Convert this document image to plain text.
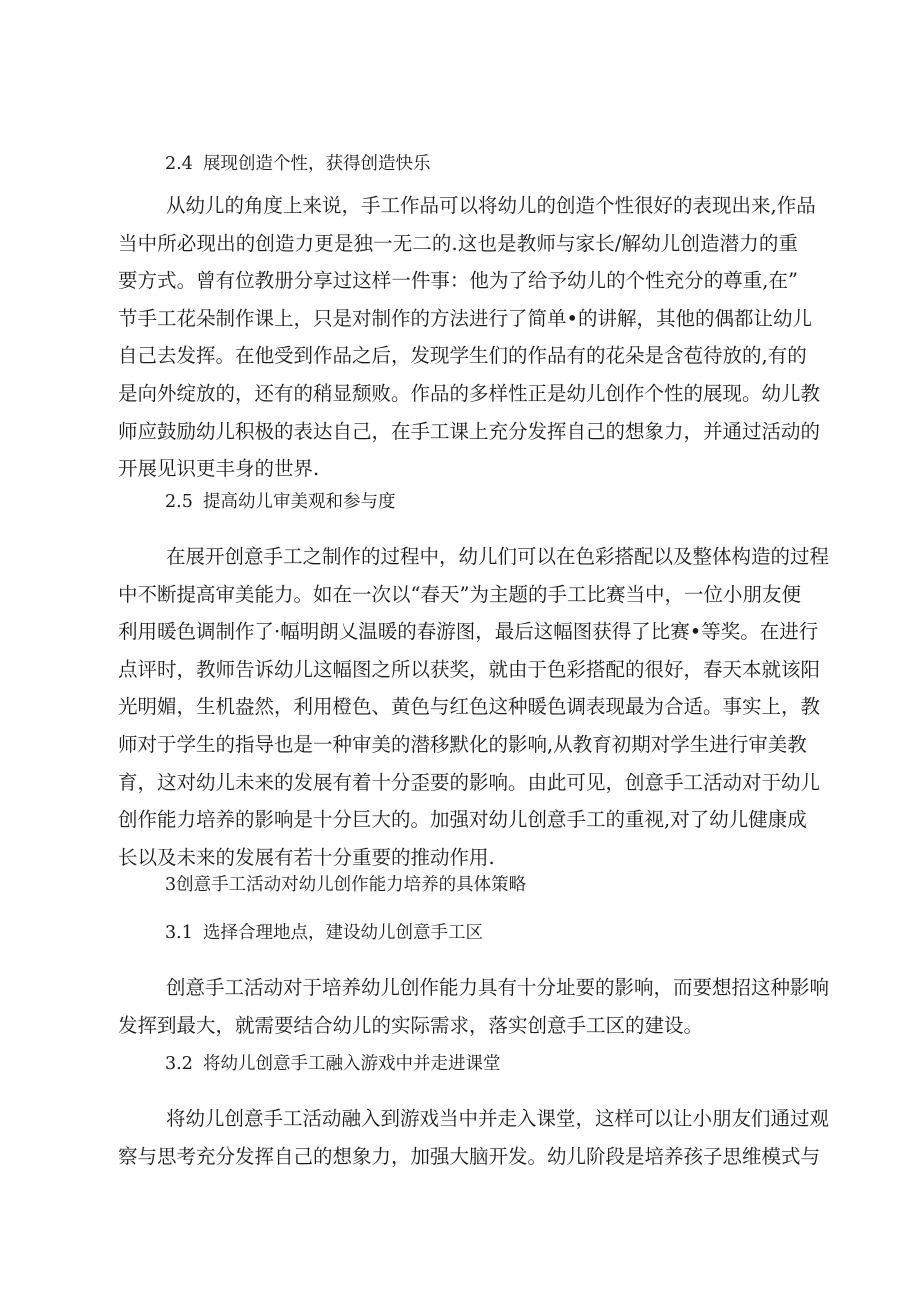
2.4 展现创造个性，获得创造快乐
从幼儿的角度上来说，手工作品可以将幼儿的创造个性很好的表现出来,作品
当中所必现出的创造力更是独一无二的.这也是教师与家长/解幼儿创造潜力的重
要方式。曾有位教册分享过这样一件事：他为了给予幼儿的个性充分的尊重,在”
节手工花朵制作课上，只是对制作的方法进行了简单•的讲解，其他的偶都让幼儿
自己去发挥。在他受到作品之后，发现学生们的作品有的花朵是含苞待放的,有的
是向外绽放的，还有的稍显颓败。作品的多样性正是幼儿创作个性的展现。幼儿教
师应鼓励幼儿积极的表达自己，在手工课上充分发挥自己的想象力，并通过活动的
开展见识更丰身的世界.
2.5 提高幼儿审美观和参与度
在展开创意手工之制作的过程中，幼儿们可以在色彩搭配以及整体构造的过程
中不断提高审美能力。如在一次以“春天”为主题的手工比赛当中，一位小朋友便
利用暖色调制作了·幅明朗乂温暖的春游图，最后这幅图获得了比赛•等奖。在进行
点评时，教师告诉幼儿这幅图之所以获奖，就由于色彩搭配的很好，春天本就该阳
光明媚，生机盎然，利用橙色、黄色与红色这种暖色调表现最为合适。事实上，教
师对于学生的指导也是一种审美的潜移默化的影响,从教育初期对学生进行审美教
育，这对幼儿未来的发展有着十分歪要的影响。由此可见，创意手工活动对于幼儿
创作能力培养的影响是十分巨大的。加强对幼儿创意手工的重视,对了幼儿健康成
长以及未来的发展有若十分重要的推动作用.
3创意手工活动对幼儿创作能力培养的具体策略
3.1 选择合理地点，建设幼儿创意手工区
创意手工活动对于培养幼儿创作能力具有十分址要的影响，而要想招这种影响
发挥到最大，就需要结合幼儿的实际需求，落实创意手工区的建设。
3.2 将幼儿创意手工融入游戏中并走进课堂
将幼儿创意手工活动融入到游戏当中并走入课堂，这样可以让小朋友们通过观
察与思考充分发挥自己的想象力，加强大脑开发。幼儿阶段是培养孩子思维模式与
